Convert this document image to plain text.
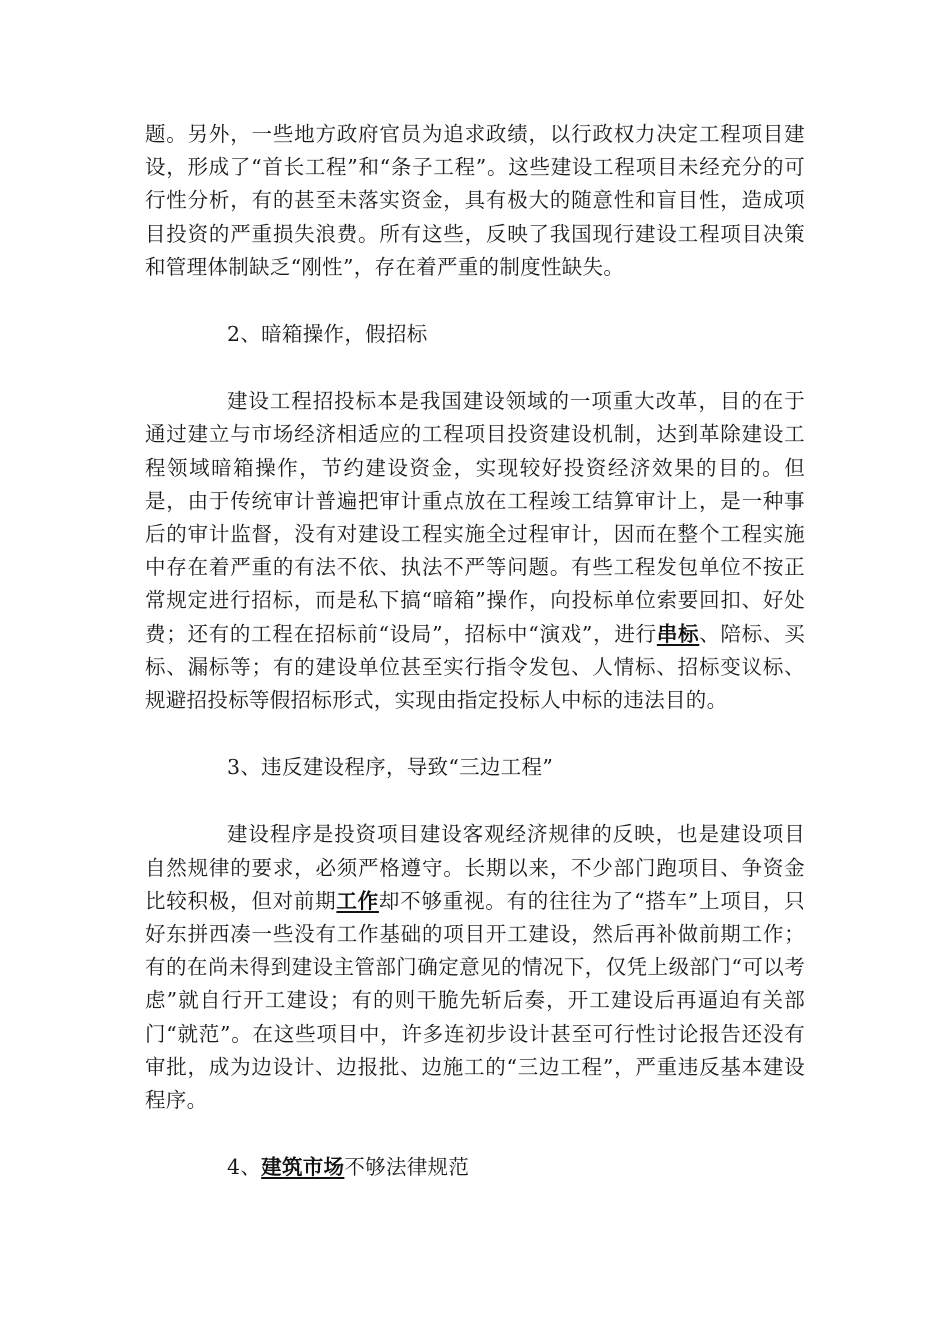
题。另外，一些地方政府官员为追求政绩，以行政权力决定工程项目建设，形成了“首长工程”和“条子工程”。这些建设工程项目未经充分的可行性分析，有的甚至未落实资金，具有极大的随意性和盲目性，造成项目投资的严重损失浪费。所有这些，反映了我国现行建设工程项目决策和管理体制缺乏“刚性”，存在着严重的制度性缺失。

2、暗箱操作，假招标

建设工程招投标本是我国建设领域的一项重大改革，目的在于通过建立与市场经济相适应的工程项目投资建设机制，达到革除建设工程领域暗箱操作，节约建设资金，实现较好投资经济效果的目的。但是，由于传统审计普遍把审计重点放在工程竣工结算审计上，是一种事后的审计监督，没有对建设工程实施全过程审计，因而在整个工程实施中存在着严重的有法不依、执法不严等问题。有些工程发包单位不按正常规定进行招标，而是私下搞“暗箱”操作，向投标单位索要回扣、好处费；还有的工程在招标前“设局”，招标中“演戏”，进行串标、陪标、买标、漏标等；有的建设单位甚至实行指令发包、人情标、招标变议标、规避招投标等假招标形式，实现由指定投标人中标的违法目的。

3、违反建设程序，导致“三边工程”

建设程序是投资项目建设客观经济规律的反映，也是建设项目自然规律的要求，必须严格遵守。长期以来，不少部门跑项目、争资金比较积极，但对前期工作却不够重视。有的往往为了“搭车”上项目，只好东拼西凑一些没有工作基础的项目开工建设，然后再补做前期工作；有的在尚未得到建设主管部门确定意见的情况下，仅凭上级部门“可以考虑”就自行开工建设；有的则干脆先斩后奏，开工建设后再逼迫有关部门“就范”。在这些项目中，许多连初步设计甚至可行性讨论报告还没有审批，成为边设计、边报批、边施工的“三边工程”，严重违反基本建设程序。

4、建筑市场不够法律规范
